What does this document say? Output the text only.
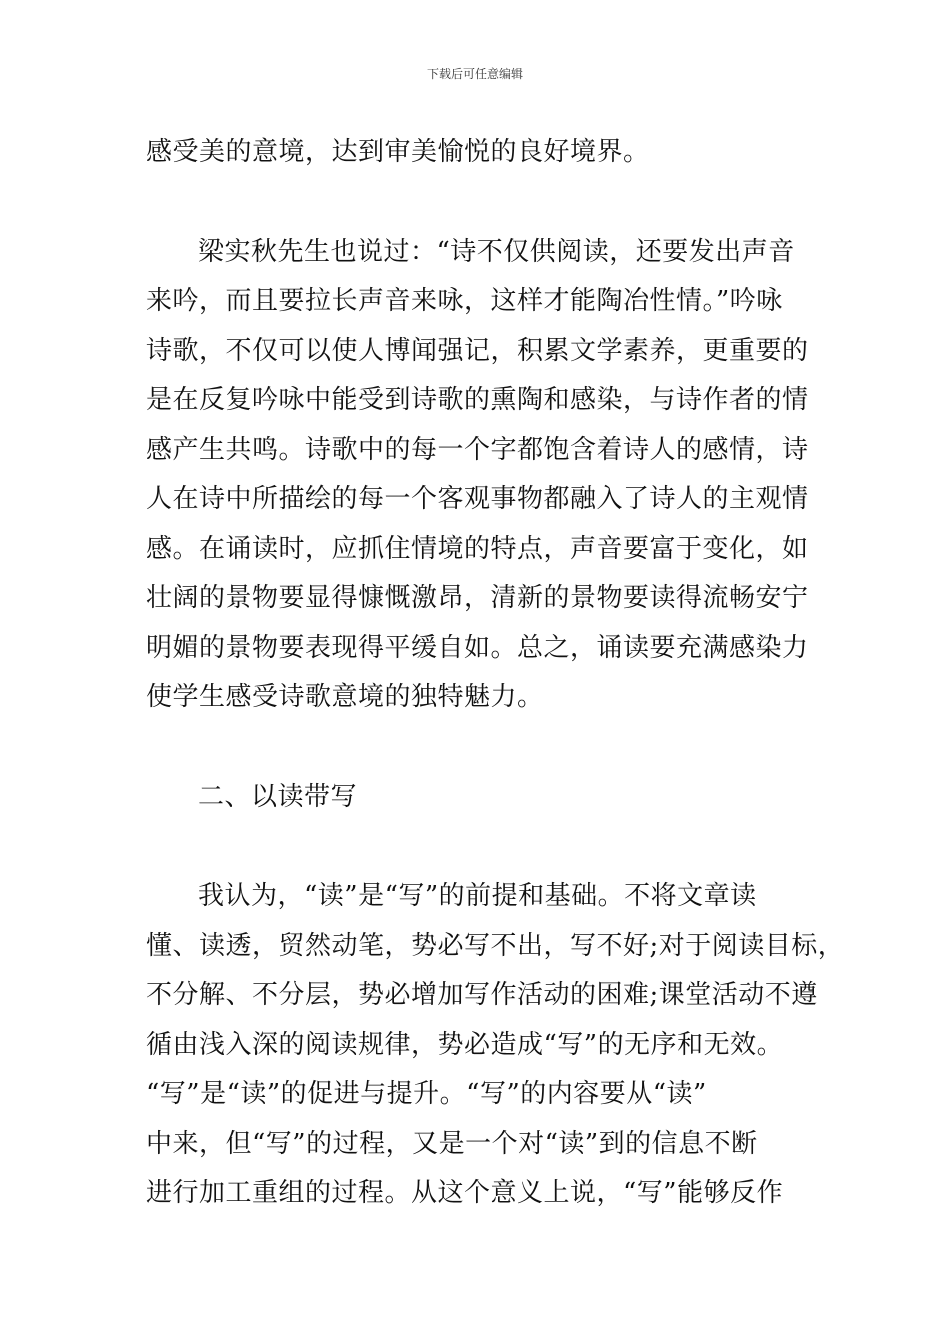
下载后可任意编辑
感受美的意境，达到审美愉悦的良好境界。
梁实秋先生也说过：“诗不仅供阅读，还要发出声音
来吟，而且要拉长声音来咏，这样才能陶冶性情。”吟咏
诗歌，不仅可以使人博闻强记，积累文学素养，更重要的
是在反复吟咏中能受到诗歌的熏陶和感染，与诗作者的情
感产生共鸣。诗歌中的每一个字都饱含着诗人的感情，诗
人在诗中所描绘的每一个客观事物都融入了诗人的主观情
感。在诵读时，应抓住情境的特点，声音要富于变化，如
壮阔的景物要显得慷慨激昂，清新的景物要读得流畅安宁
明媚的景物要表现得平缓自如。总之，诵读要充满感染力
使学生感受诗歌意境的独特魅力。
二、以读带写
我认为，“读”是“写”的前提和基础。不将文章读
懂、读透，贸然动笔，势必写不出，写不好;对于阅读目标，
不分解、不分层，势必增加写作活动的困难;课堂活动不遵
循由浅入深的阅读规律，势必造成“写”的无序和无效。
“写”是“读”的促进与提升。“写”的内容要从“读”
中来，但“写”的过程，又是一个对“读”到的信息不断
进行加工重组的过程。从这个意义上说，“写”能够反作
